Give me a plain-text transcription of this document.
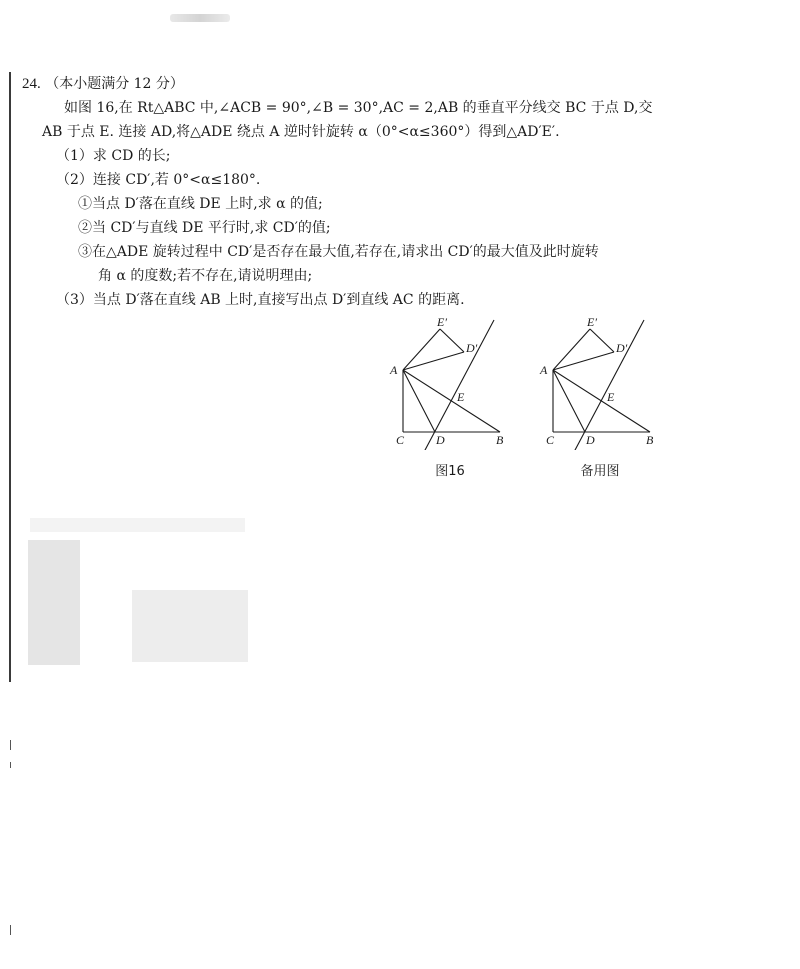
24. （本小题满分 12 分）
如图 16,在 Rt△ABC 中,∠ACB = 90°,∠B = 30°,AC = 2,AB 的垂直平分线交 BC 于点 D,交
AB 于点 E. 连接 AD,将△ADE 绕点 A 逆时针旋转 α（0°<α≤360°）得到△AD′E′.
（1）求 CD 的长;
（2）连接 CD′,若 0°<α≤180°.
①当点 D′落在直线 DE 上时,求 α 的值;
②当 CD′与直线 DE 平行时,求 CD′的值;
③在△ADE 旋转过程中 CD′是否存在最大值,若存在,请求出 CD′的最大值及此时旋转
角 α 的度数;若不存在,请说明理由;
（3）当点 D′落在直线 AB 上时,直接写出点 D′到直线 AC 的距离.
A
C	D	B
E
E′
D′
图16
A
C	D	B
E
E′
D′
备用图
